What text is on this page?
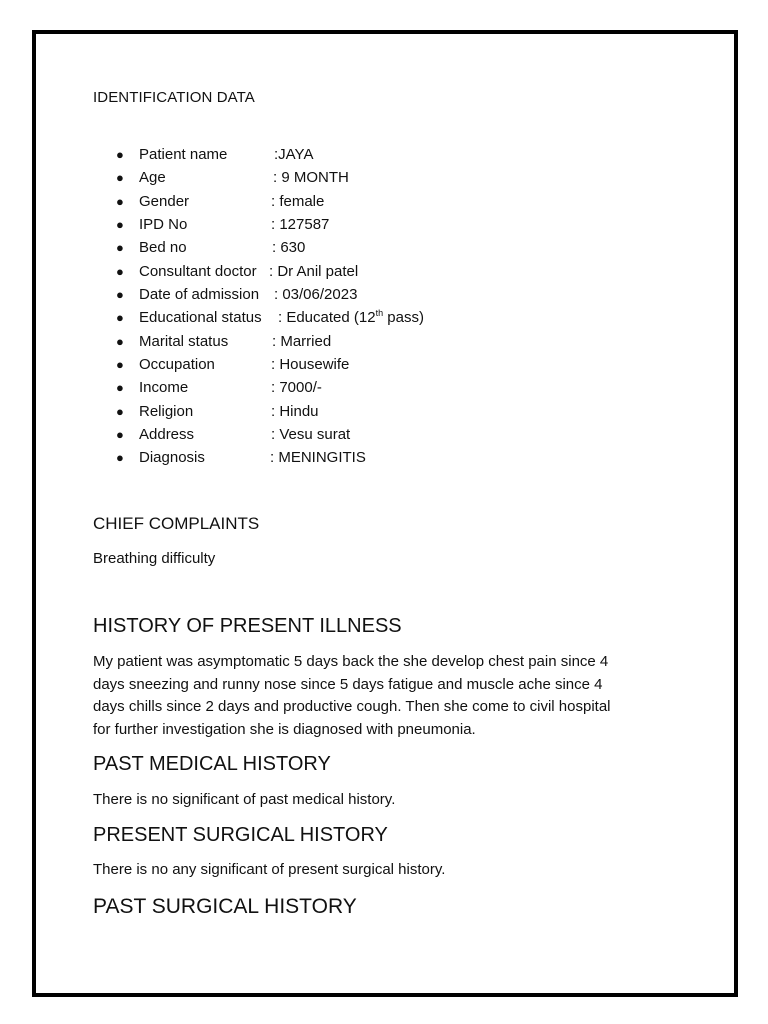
IDENTIFICATION DATA
● Patient name	:JAYA
● Age	: 9 MONTH
● Gender	: female
● IPD No	: 127587
● Bed no	: 630
● Consultant doctor : Dr Anil patel
● Date of admission : 03/06/2023
● Educational status : Educated (12th pass)
● Marital status	: Married
● Occupation	: Housewife
● Income	: 7000/-
● Religion	: Hindu
● Address	: Vesu surat
● Diagnosis	: MENINGITIS
CHIEF COMPLAINTS
Breathing difficulty
HISTORY OF PRESENT ILLNESS
My patient was asymptomatic 5 days back the she develop chest pain since 4
days sneezing and runny nose since 5 days fatigue and muscle ache since 4
days chills since 2 days and productive cough. Then she come to civil hospital
for further investigation she is diagnosed with pneumonia.
PAST MEDICAL HISTORY
There is no significant of past medical history.
PRESENT SURGICAL HISTORY
There is no any significant of present surgical history.
PAST SURGICAL HISTORY
